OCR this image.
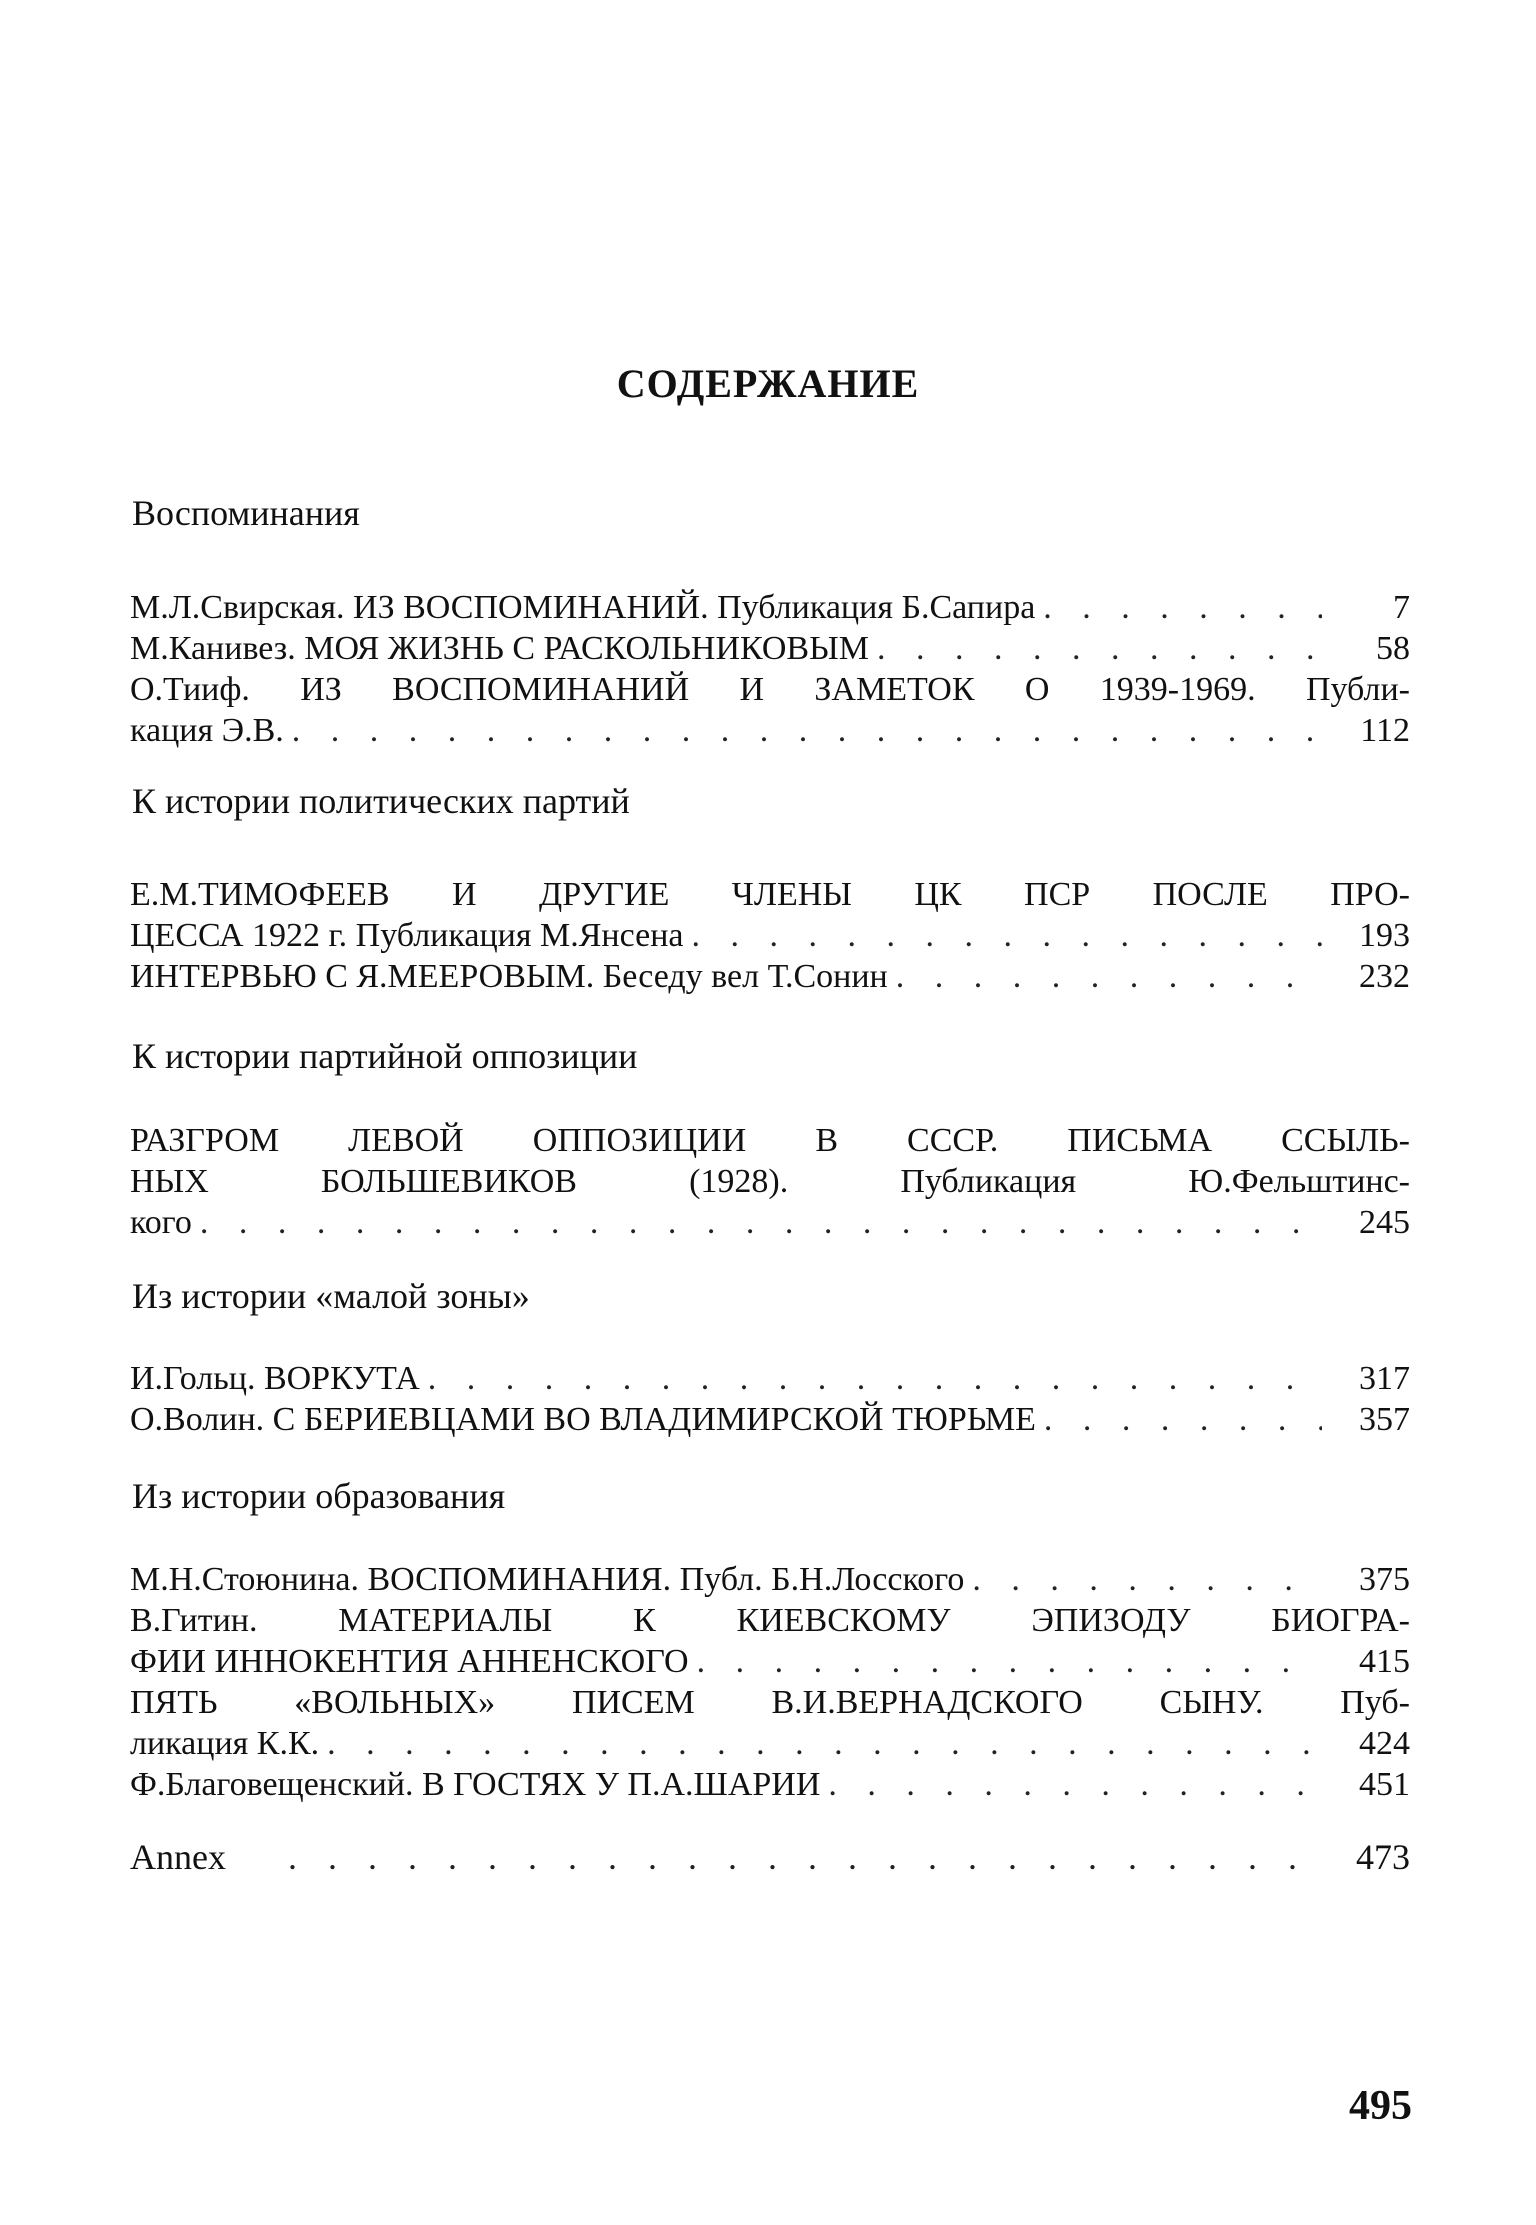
СОДЕРЖАНИЕ
Воспоминания
М.Л.Свирская. ИЗ ВОСПОМИНАНИЙ. Публикация Б.Сапира . . .	7
М.Канивез. МОЯ ЖИЗНЬ С РАСКОЛЬНИКОВЫМ . . .	58
О.Тииф. ИЗ ВОСПОМИНАНИЙ И ЗАМЕТОК О 1939-1969. Публи-
кация Э.В. . . .	112
К истории политических партий
Е.М.ТИМОФЕЕВ И ДРУГИЕ ЧЛЕНЫ ЦК ПСР ПОСЛЕ ПРО-
ЦЕССА 1922 г. Публикация М.Янсена . . .	193
ИНТЕРВЬЮ С Я.МЕЕРОВЫМ. Беседу вел Т.Сонин . . .	232
К истории партийной оппозиции
РАЗГРОМ ЛЕВОЙ ОППОЗИЦИИ В СССР. ПИСЬМА ССЫЛЬ-
НЫХ БОЛЬШЕВИКОВ (1928). Публикация Ю.Фельштинс-
кого . . .	245
Из истории «малой зоны»
И.Гольц. ВОРКУТА . . .	317
О.Волин. С БЕРИЕВЦАМИ ВО ВЛАДИМИРСКОЙ ТЮРЬМЕ . . .	357
Из истории образования
М.Н.Стоюнина. ВОСПОМИНАНИЯ. Публ. Б.Н.Лосского . . .	375
В.Гитин. МАТЕРИАЛЫ К КИЕВСКОМУ ЭПИЗОДУ БИОГРА-
ФИИ ИННОКЕНТИЯ АННЕНСКОГО . . .	415
ПЯТЬ «ВОЛЬНЫХ» ПИСЕМ В.И.ВЕРНАДСКОГО СЫНУ. Пуб-
ликация К.К. . . .	424
Ф.Благовещенский. В ГОСТЯХ У П.А.ШАРИИ . . .	451
Annex . . .	473
495
